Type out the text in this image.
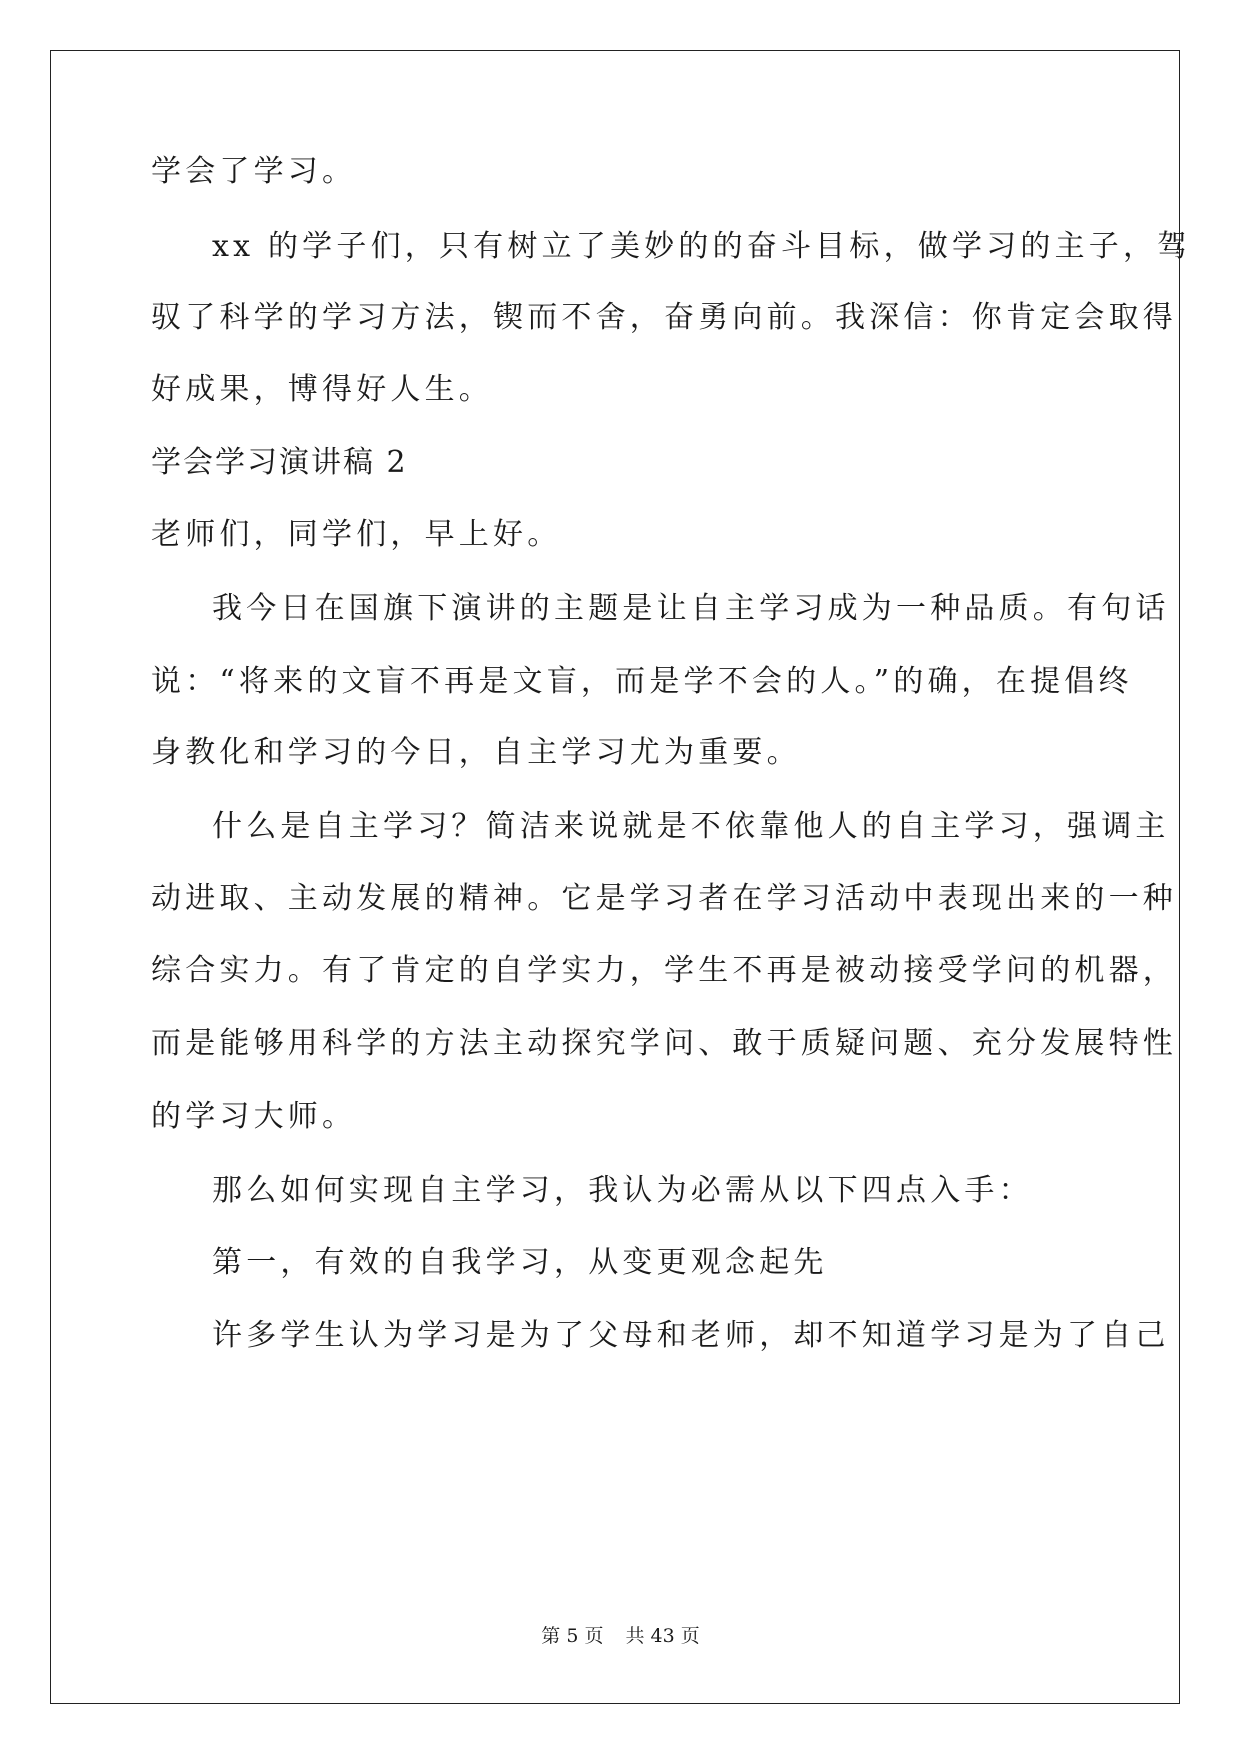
学会了学习。
xx 的学子们，只有树立了美妙的的奋斗目标，做学习的主子，驾
驭了科学的学习方法，锲而不舍，奋勇向前。我深信：你肯定会取得
好成果，博得好人生。
学会学习演讲稿 2
老师们，同学们，早上好。
我今日在国旗下演讲的主题是让自主学习成为一种品质。有句话
说：“将来的文盲不再是文盲，而是学不会的人。”的确，在提倡终
身教化和学习的今日，自主学习尤为重要。
什么是自主学习？简洁来说就是不依靠他人的自主学习，强调主
动进取、主动发展的精神。它是学习者在学习活动中表现出来的一种
综合实力。有了肯定的自学实力，学生不再是被动接受学问的机器，
而是能够用科学的方法主动探究学问、敢于质疑问题、充分发展特性
的学习大师。
那么如何实现自主学习，我认为必需从以下四点入手：
第一，有效的自我学习，从变更观念起先
许多学生认为学习是为了父母和老师，却不知道学习是为了自己
第 5 页 共 43 页
